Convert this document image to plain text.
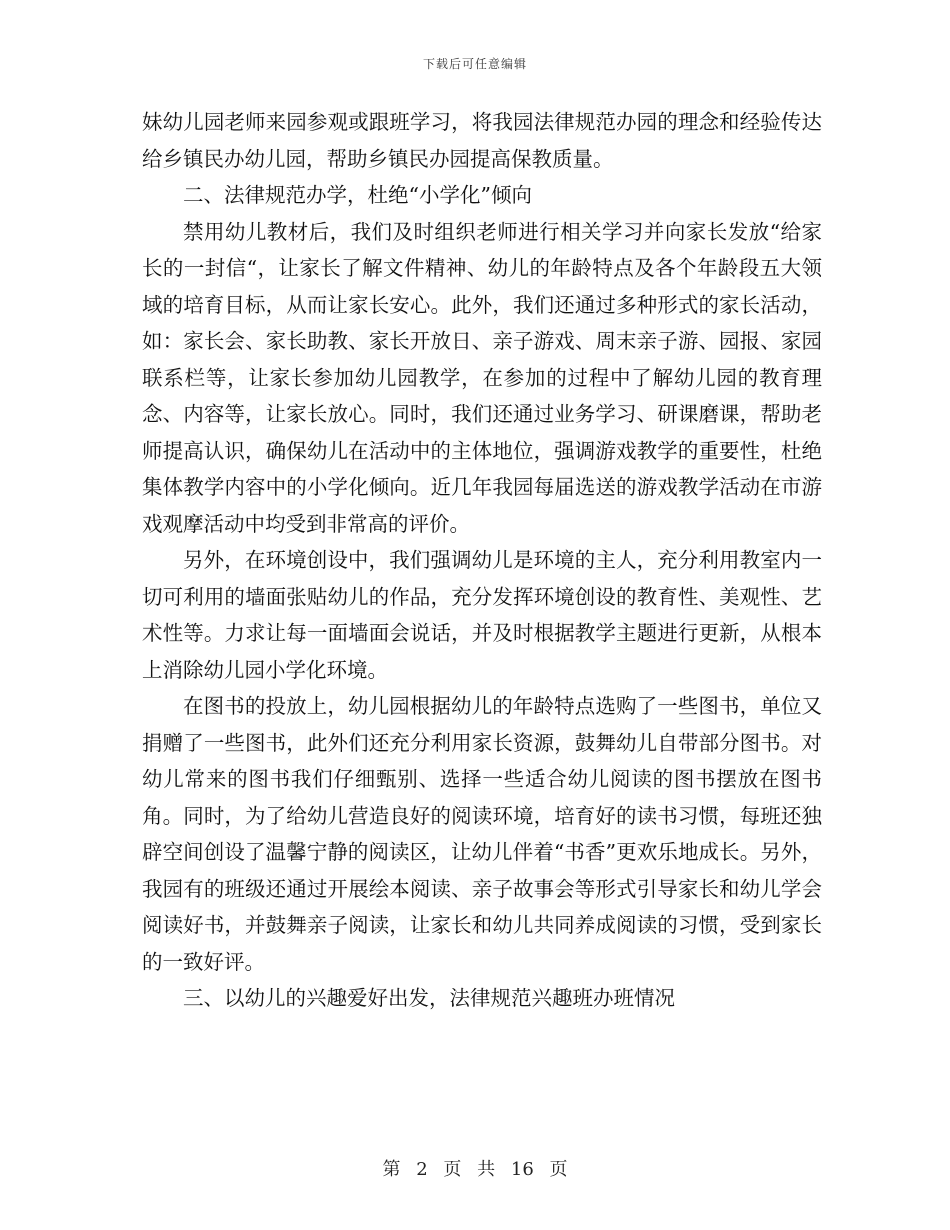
下载后可任意编辑

妹幼儿园老师来园参观或跟班学习，将我园法律规范办园的理念和经验传达给乡镇民办幼儿园，帮助乡镇民办园提高保教质量。

二、法律规范办学，杜绝“小学化”倾向

禁用幼儿教材后，我们及时组织老师进行相关学习并向家长发放“给家长的一封信“，让家长了解文件精神、幼儿的年龄特点及各个年龄段五大领域的培育目标，从而让家长安心。此外，我们还通过多种形式的家长活动，如：家长会、家长助教、家长开放日、亲子游戏、周末亲子游、园报、家园联系栏等，让家长参加幼儿园教学，在参加的过程中了解幼儿园的教育理念、内容等，让家长放心。同时，我们还通过业务学习、研课磨课，帮助老师提高认识，确保幼儿在活动中的主体地位，强调游戏教学的重要性，杜绝集体教学内容中的小学化倾向。近几年我园每届选送的游戏教学活动在市游戏观摩活动中均受到非常高的评价。

另外，在环境创设中，我们强调幼儿是环境的主人，充分利用教室内一切可利用的墙面张贴幼儿的作品，充分发挥环境创设的教育性、美观性、艺术性等。力求让每一面墙面会说话，并及时根据教学主题进行更新，从根本上消除幼儿园小学化环境。

在图书的投放上，幼儿园根据幼儿的年龄特点选购了一些图书，单位又捐赠了一些图书，此外们还充分利用家长资源，鼓舞幼儿自带部分图书。对幼儿常来的图书我们仔细甄别、选择一些适合幼儿阅读的图书摆放在图书角。同时，为了给幼儿营造良好的阅读环境，培育好的读书习惯，每班还独辟空间创设了温馨宁静的阅读区，让幼儿伴着“书香”更欢乐地成长。另外，我园有的班级还通过开展绘本阅读、亲子故事会等形式引导家长和幼儿学会阅读好书，并鼓舞亲子阅读，让家长和幼儿共同养成阅读的习惯，受到家长的一致好评。

三、以幼儿的兴趣爱好出发，法律规范兴趣班办班情况

第 2 页 共 16 页
